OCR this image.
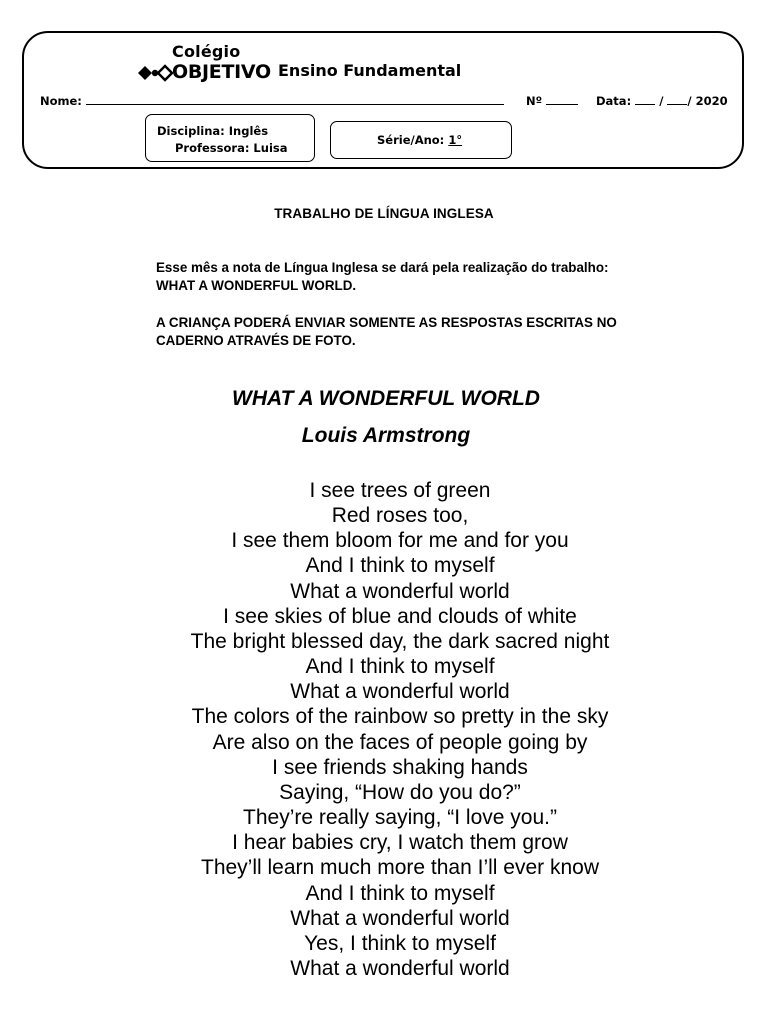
Colégio
OBJETIVO Ensino Fundamental
Nome:	Nº	Data: / / 2020
Disciplina: Inglês
Professora: Luisa
Série/Ano: 1°
TRABALHO DE LÍNGUA INGLESA
Esse mês a nota de Língua Inglesa se dará pela realização do trabalho: WHAT A WONDERFUL WORLD.
A CRIANÇA PODERÁ ENVIAR SOMENTE AS RESPOSTAS ESCRITAS NO CADERNO ATRAVÉS DE FOTO.
WHAT A WONDERFUL WORLD
Louis Armstrong
I see trees of green
Red roses too,
I see them bloom for me and for you
And I think to myself
What a wonderful world
I see skies of blue and clouds of white
The bright blessed day, the dark sacred night
And I think to myself
What a wonderful world
The colors of the rainbow so pretty in the sky
Are also on the faces of people going by
I see friends shaking hands
Saying, “How do you do?”
They’re really saying, “I love you.”
I hear babies cry, I watch them grow
They’ll learn much more than I’ll ever know
And I think to myself
What a wonderful world
Yes, I think to myself
What a wonderful world
